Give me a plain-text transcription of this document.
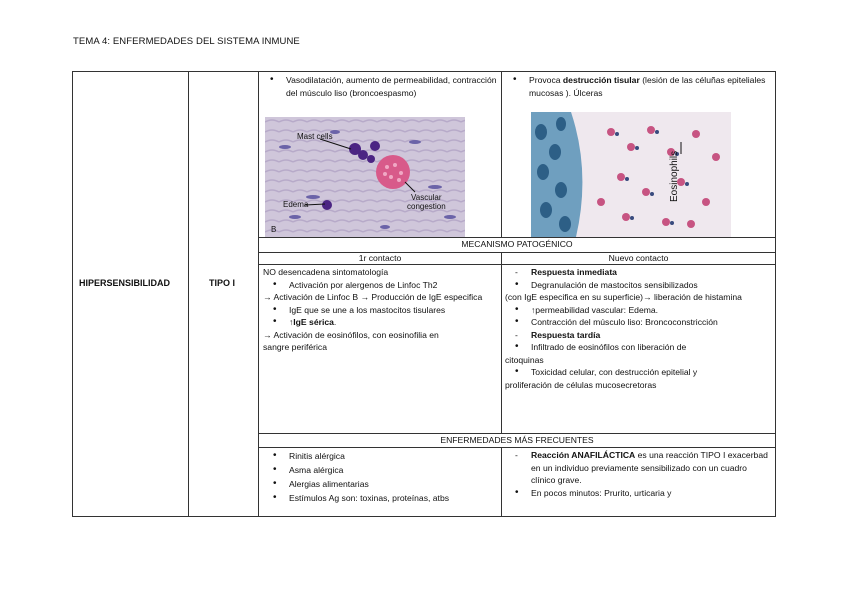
TEMA 4: ENFERMEDADES DEL SISTEMA INMUNE
HIPERSENSIBILIDAD	TIPO I

• Vasodilatación, aumento de permeabilidad, contracción del músculo liso (broncoespasmo)

Mast cells
Edema
Vascular
congestion
B

• Provoca destrucción tisular (lesión de las céluñas epiteliales mucosas ). Úlceras

Eosinophils
MECANISMO PATOGÉNICO
1r contacto	Nuevo contacto

NO desencadena sintomatología

• Activación por alergenos de Linfoc Th2

→ Activación de Linfoc B → Producción de IgE especifica

• IgE que se une a los mastocitos tisulares

• ↑IgE sérica.

→ Activación de eosinófilos, con eosinofilia en sangre periférica

- Respuesta inmediata

• Degranulación de mastocitos sensibilizados

(con IgE especifica en su superficie)→ liberación de histamina

• ↑permeabilidad vascular: Edema.

• Contracción del músculo liso: Broncoconstricción

- Respuesta tardía

• Infiltrado de eosinófilos con liberación de

citoquinas

• Toxicidad celular, con destrucción epitelial y

proliferación de células mucosecretoras

ENFERMEDADES MÁS FRECUENTES

• Rinitis alérgica

• Asma alérgica

• Alergias alimentarias

• Estímulos Ag son: toxinas, proteínas, atbs

- Reacción ANAFILÁCTICA es una reacción TIPO I exacerbad en un individuo previamente sensibilizado con un cuadro clínico grave.

• En pocos minutos: Prurito, urticaria y
